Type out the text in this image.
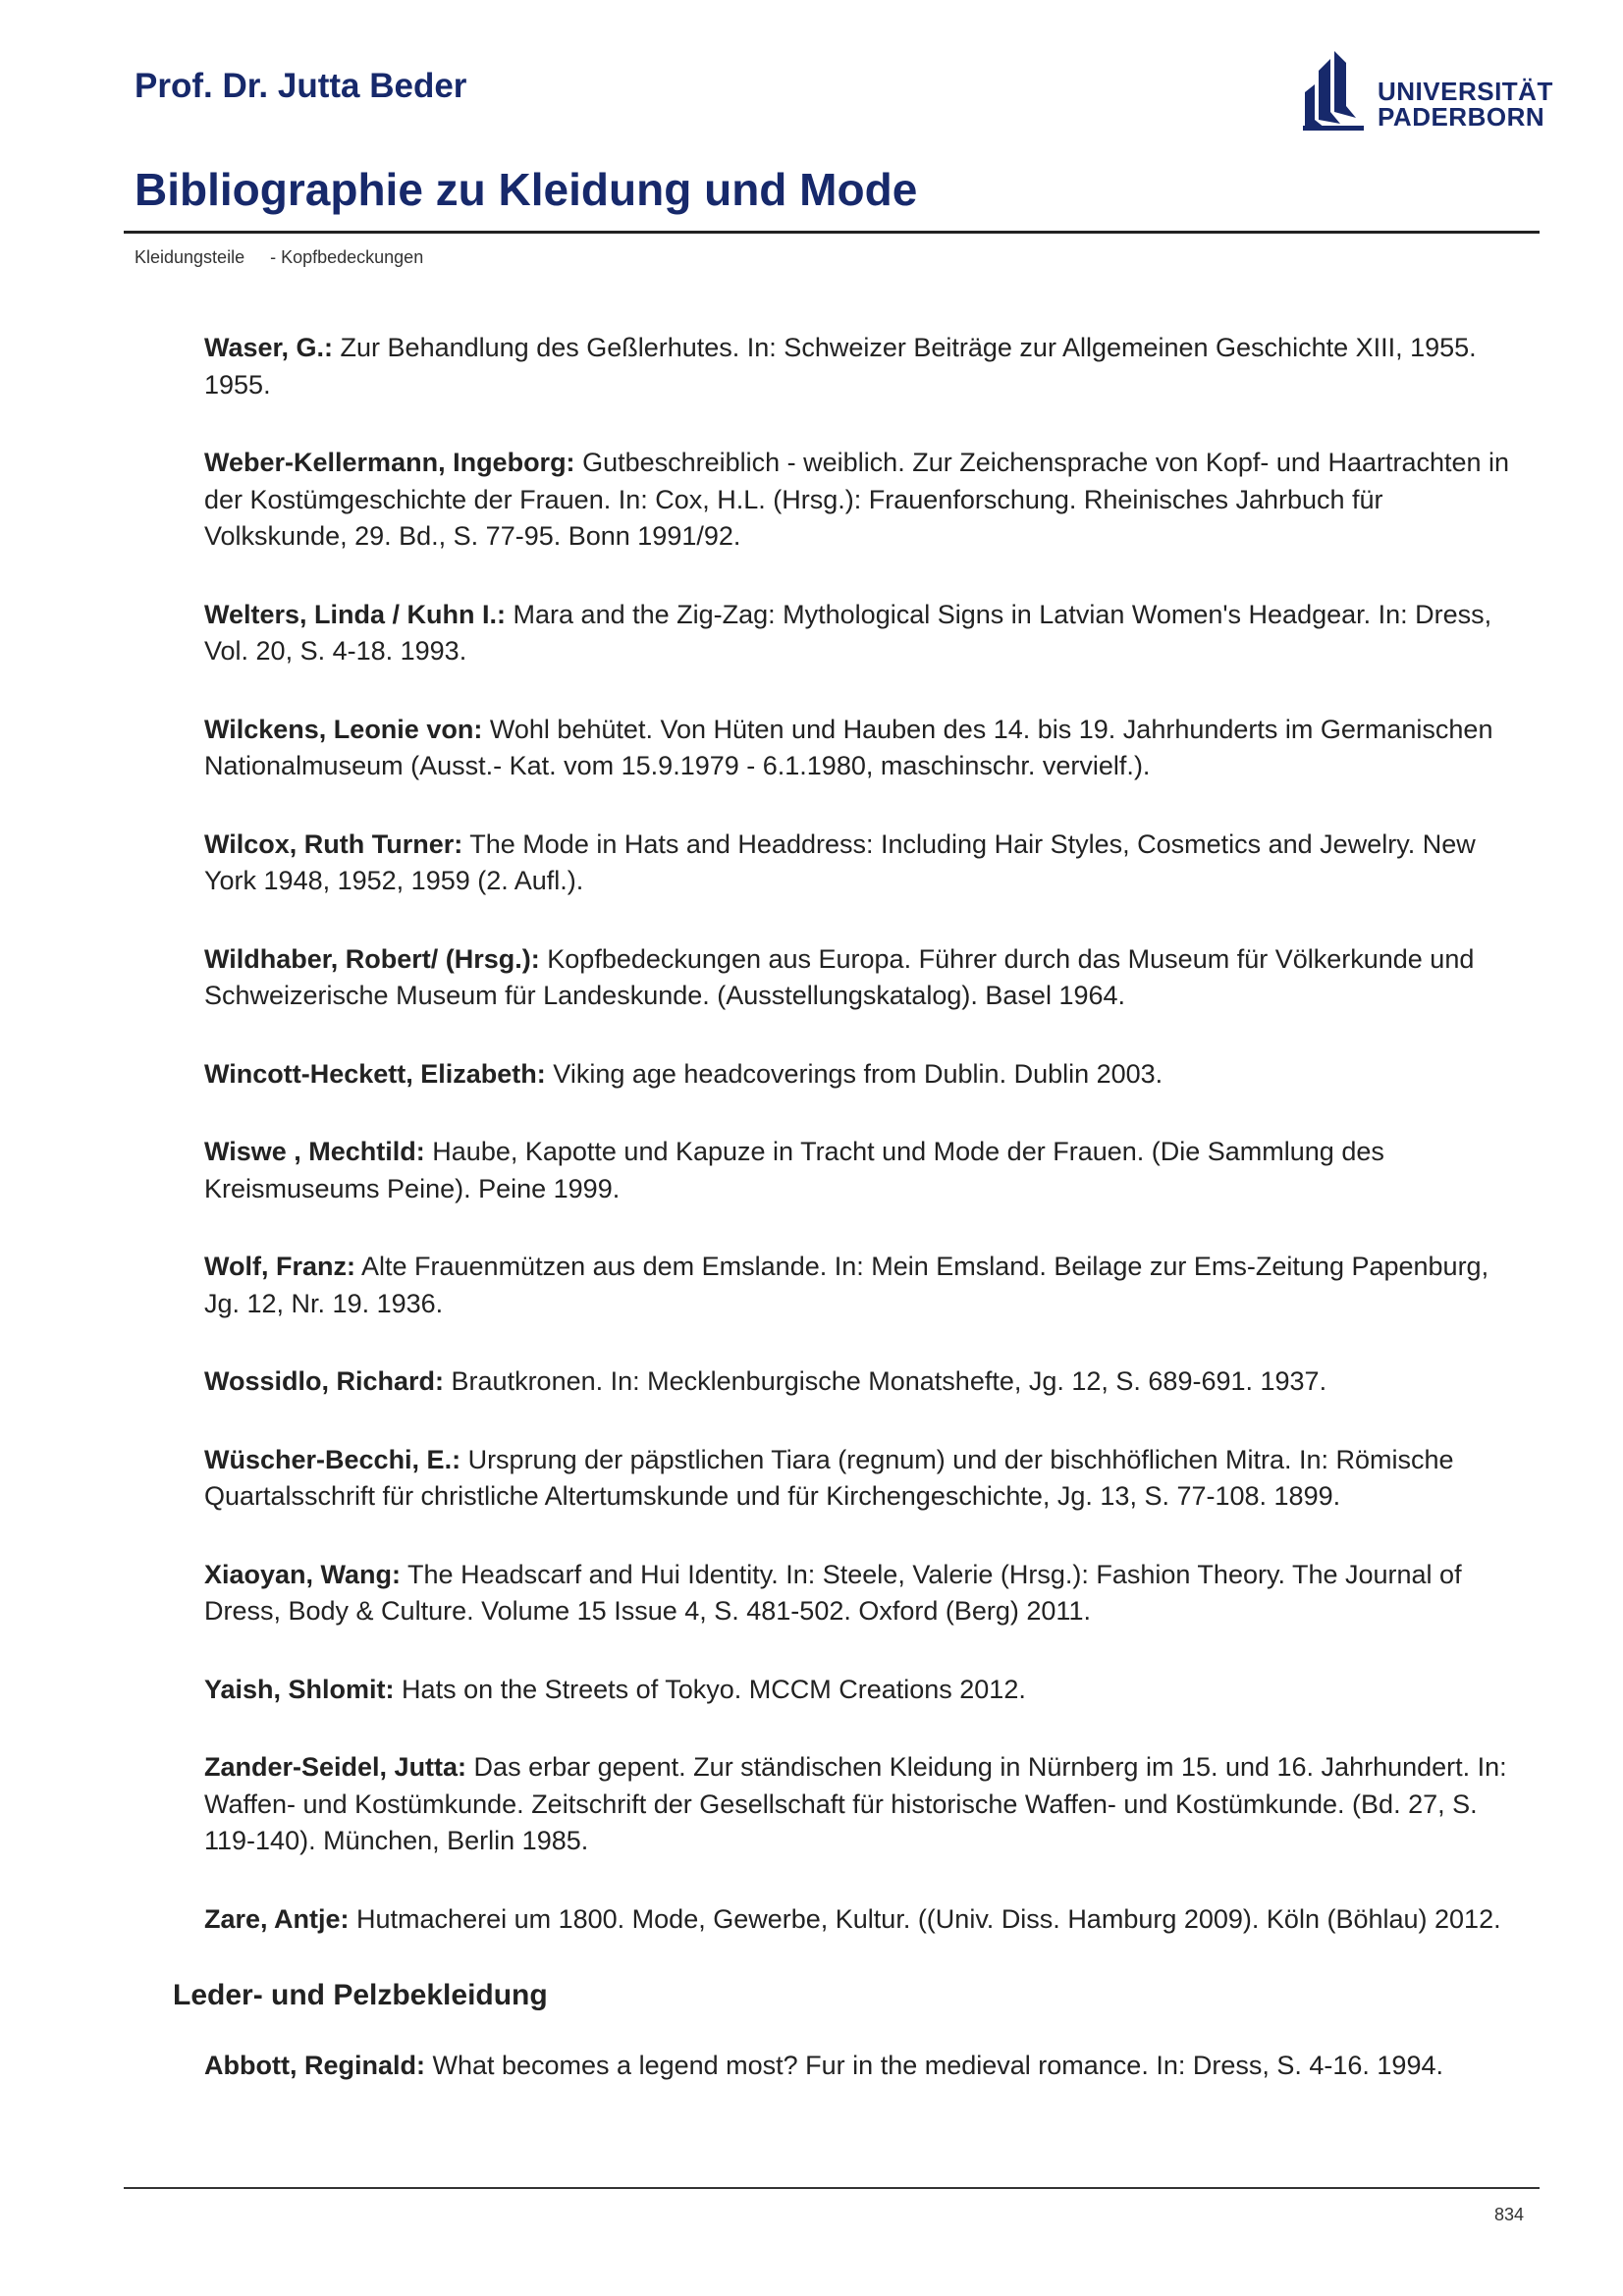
Prof. Dr. Jutta Beder	UNIVERSITÄT
PADERBORN
Bibliographie zu Kleidung und Mode
Kleidungsteile - Kopfbedeckungen

Waser, G.: Zur Behandlung des Geßlerhutes. In: Schweizer Beiträge zur Allgemeinen Geschichte XIII, 1955. 1955.

Weber-Kellermann, Ingeborg: Gutbeschreiblich - weiblich. Zur Zeichensprache von Kopf- und Haartrachten in der Kostümgeschichte der Frauen. In: Cox, H.L. (Hrsg.): Frauenforschung. Rheinisches Jahrbuch für Volkskunde, 29. Bd., S. 77-95. Bonn 1991/92.

Welters, Linda / Kuhn I.: Mara and the Zig-Zag: Mythological Signs in Latvian Women's Headgear. In: Dress, Vol. 20, S. 4-18. 1993.

Wilckens, Leonie von: Wohl behütet. Von Hüten und Hauben des 14. bis 19. Jahrhunderts im Germanischen Nationalmuseum (Ausst.- Kat. vom 15.9.1979 - 6.1.1980, maschinschr. vervielf.).

Wilcox, Ruth Turner: The Mode in Hats and Headdress: Including Hair Styles, Cosmetics and Jewelry. New York 1948, 1952, 1959 (2. Aufl.).

Wildhaber, Robert/ (Hrsg.): Kopfbedeckungen aus Europa. Führer durch das Museum für Völkerkunde und Schweizerische Museum für Landeskunde. (Ausstellungskatalog). Basel 1964.

Wincott-Heckett, Elizabeth: Viking age headcoverings from Dublin. Dublin 2003.

Wiswe , Mechtild: Haube, Kapotte und Kapuze in Tracht und Mode der Frauen. (Die Sammlung des Kreismuseums Peine). Peine 1999.

Wolf, Franz: Alte Frauenmützen aus dem Emslande. In: Mein Emsland. Beilage zur Ems-Zeitung Papenburg, Jg. 12, Nr. 19. 1936.

Wossidlo, Richard: Brautkronen. In: Mecklenburgische Monatshefte, Jg. 12, S. 689-691. 1937.

Wüscher-Becchi, E.: Ursprung der päpstlichen Tiara (regnum) und der bischhöflichen Mitra. In: Römische Quartalsschrift für christliche Altertumskunde und für Kirchengeschichte, Jg. 13, S. 77-108. 1899.

Xiaoyan, Wang: The Headscarf and Hui Identity. In: Steele, Valerie (Hrsg.): Fashion Theory. The Journal of Dress, Body & Culture. Volume 15 Issue 4, S. 481-502. Oxford (Berg) 2011.

Yaish, Shlomit: Hats on the Streets of Tokyo. MCCM Creations 2012.

Zander-Seidel, Jutta: Das erbar gepent. Zur ständischen Kleidung in Nürnberg im 15. und 16. Jahrhundert. In: Waffen- und Kostümkunde. Zeitschrift der Gesellschaft für historische Waffen- und Kostümkunde. (Bd. 27, S. 119-140). München, Berlin 1985.

Zare, Antje: Hutmacherei um 1800. Mode, Gewerbe, Kultur. ((Univ. Diss. Hamburg 2009). Köln (Böhlau) 2012.

Leder- und Pelzbekleidung

Abbott, Reginald: What becomes a legend most? Fur in the medieval romance. In: Dress, S. 4-16. 1994.

834
